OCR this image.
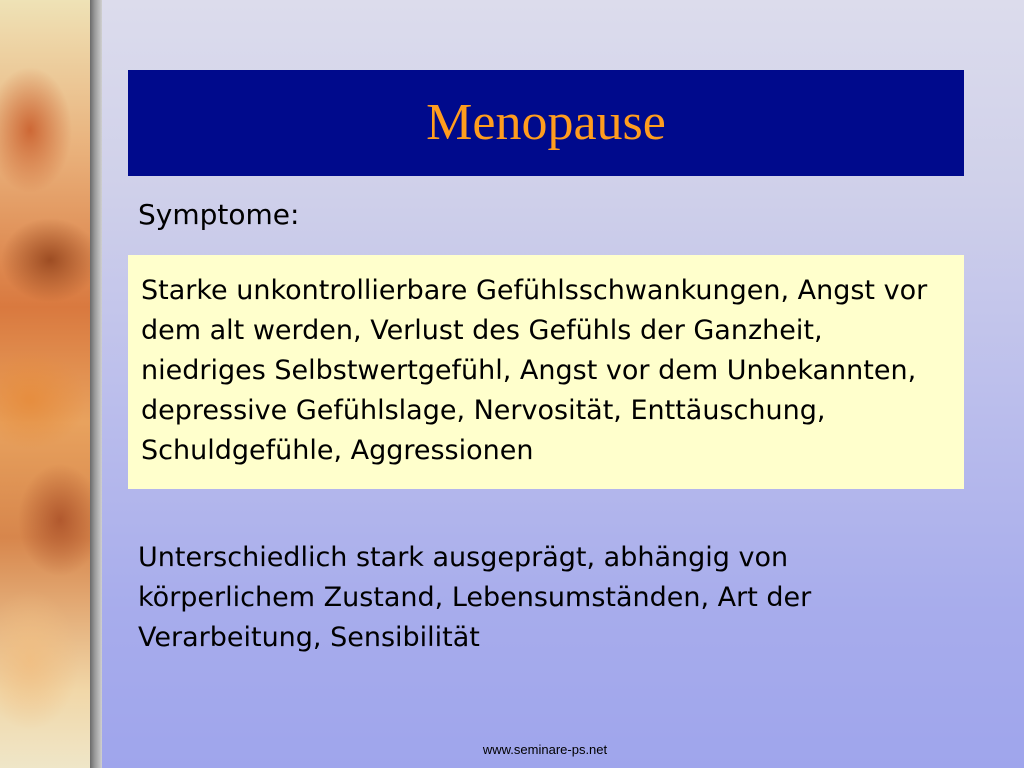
Menopause
Symptome:
Starke unkontrollierbare Gefühlsschwankungen, Angst vor dem alt werden, Verlust des Gefühls der Ganzheit, niedriges Selbstwertgefühl, Angst vor dem Unbekannten, depressive Gefühlslage, Nervosität, Enttäuschung, Schuldgefühle, Aggressionen
Unterschiedlich stark ausgeprägt, abhängig von körperlichem Zustand, Lebensumständen, Art der Verarbeitung, Sensibilität
www.seminare-ps.net
